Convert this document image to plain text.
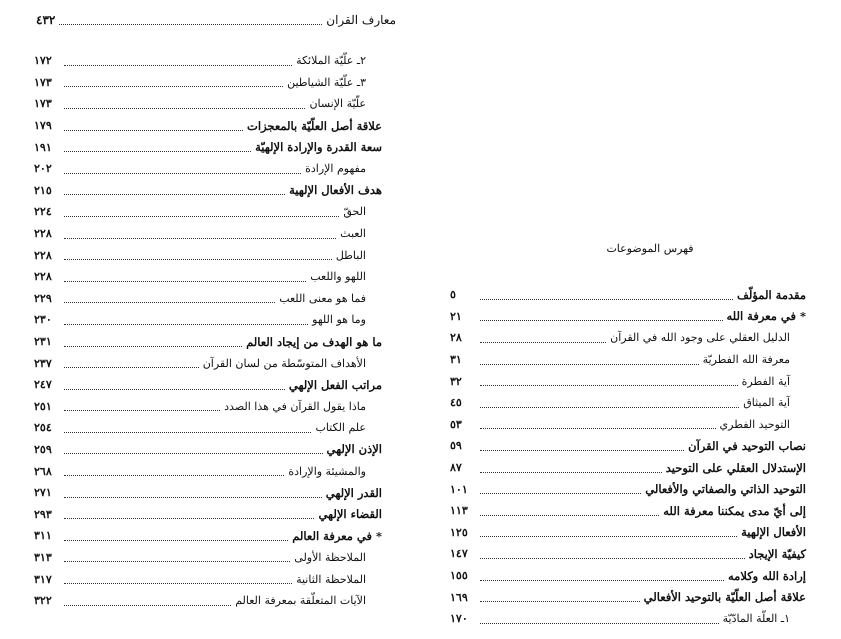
معارف القران
٤٣٢
٢ـ علّيّة الملائكة
١٧٢
٣ـ علّيّة الشياطين
١٧٣
علّيّة الإنسان
١٧٣
علاقة أصل العلّيّة بالمعجزات
١٧٩
سعة القدرة والإرادة الإلهيّة
١٩١
مفهوم الإرادة
٢٠٢
هدف الأفعال الإلهية
٢١٥
الحقّ
٢٢٤
العبث
٢٢٨
الباطل
٢٢٨
اللهو واللعب
٢٢٨
فما هو معنى اللعب
٢٢٩
وما هو اللهو
٢٣٠
ما هو الهدف من إيجاد العالم
٢٣١
الأهداف المتوسّطة من لسان القرآن
٢٣٧
مراتب الفعل الإلهي
٢٤٧
ماذا يقول القرآن في هذا الصدد
٢٥١
علم الكتاب
٢٥٤
الإذن الإلهي
٢٥٩
والمشيئة والإرادة
٢٦٨
القدر الإلهي
٢٧١
القضاء الإلهي
٢٩٣
* في معرفة العالم
٣١١
الملاحظة الأولى
٣١٣
الملاحظة الثانية
٣١٧
الآيات المتعلّقة بمعرفة العالم
٣٢٢
فهرس الموضوعات
مقدمة المؤلّف
٥
* في معرفة الله
٢١
الدليل العقلي على وجود الله في القرآن
٢٨
معرفة الله الفطريّة
٣١
آية الفطرة
٣٢
آية الميثاق
٤٥
التوحيد الفطري
٥٣
نصاب التوحيد في القرآن
٥٩
الإستدلال العقلي على التوحيد
٨٧
التوحيد الذاتي والصفاتي والأفعالي
١٠١
إلى أيّ مدى يمكننا معرفة الله
١١٣
الأفعال الإلهية
١٢٥
كيفيّة الإيجاد
١٤٧
إرادة الله وكلامه
١٥٥
علاقة أصل العلّيّة بالتوحيد الأفعالي
١٦٩
١ـ العلّة المادّيّة
١٧٠
